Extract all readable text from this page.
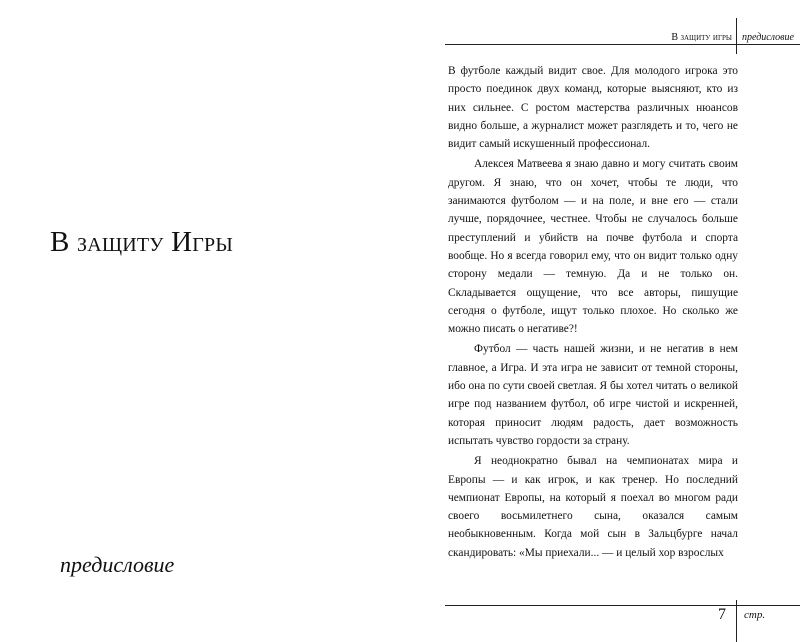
В защиту Игры
предисловие
В защиту игры предисловие

В футболе каждый видит свое. Для молодого игрока это просто поединок двух команд, которые выясняют, кто из них сильнее. С ростом мастерства различных нюансов видно больше, а журналист может разглядеть и то, чего не видит самый искушенный профессионал.

Алексея Матвеева я знаю давно и могу считать своим другом. Я знаю, что он хочет, чтобы те люди, что занимаются футболом — и на поле, и вне его — стали лучше, порядочнее, честнее. Чтобы не случалось больше преступлений и убийств на почве футбола и спорта вообще. Но я всегда говорил ему, что он видит только одну сторону медали — темную. Да и не только он. Складывается ощущение, что все авторы, пишущие сегодня о футболе, ищут только плохое. Но сколько же можно писать о негативе?!

Футбол — часть нашей жизни, и не негатив в нем главное, а Игра. И эта игра не зависит от темной стороны, ибо она по сути своей светлая. Я бы хотел читать о великой игре под названием футбол, об игре чистой и искренней, которая приносит людям радость, дает возможность испытать чувство гордости за страну.

Я неоднократно бывал на чемпионатах мира и Европы — и как игрок, и как тренер. Но последний чемпионат Европы, на который я поехал во многом ради своего восьмилетнего сына, оказался самым необыкновенным. Когда мой сын в Зальцбурге начал скандировать: «Мы приехали... — и целый хор взрослых

7 стр.
